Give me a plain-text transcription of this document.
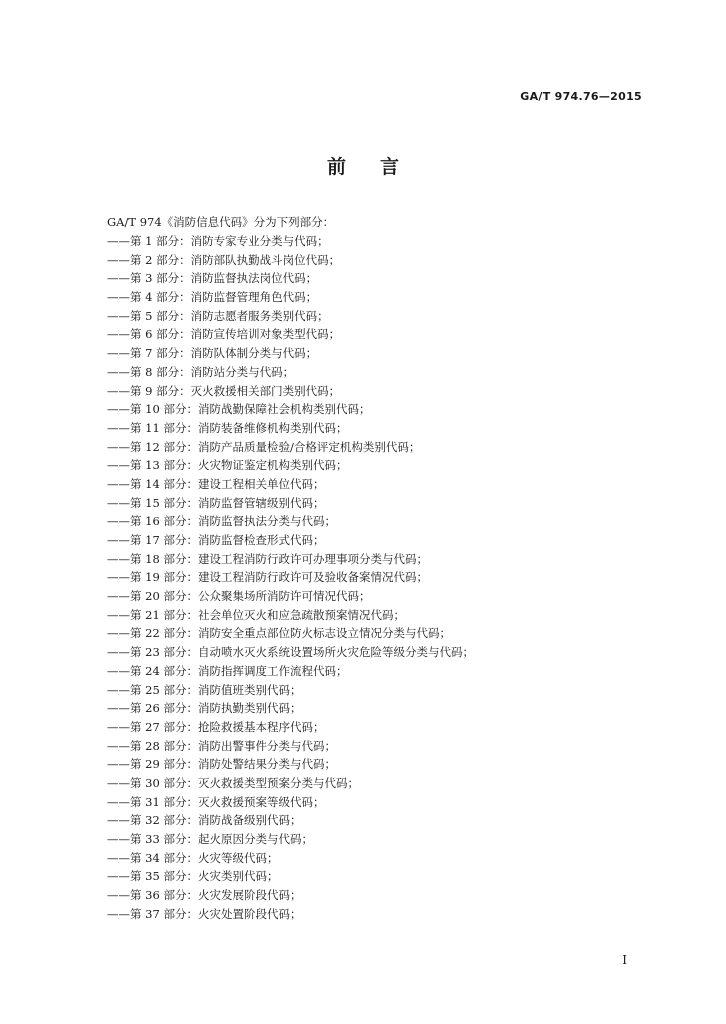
GA/T 974.76—2015
前言
GA/T 974《消防信息代码》分为下列部分：
——第 1 部分：消防专家专业分类与代码；
——第 2 部分：消防部队执勤战斗岗位代码；
——第 3 部分：消防监督执法岗位代码；
——第 4 部分：消防监督管理角色代码；
——第 5 部分：消防志愿者服务类别代码；
——第 6 部分：消防宣传培训对象类型代码；
——第 7 部分：消防队体制分类与代码；
——第 8 部分：消防站分类与代码；
——第 9 部分：灭火救援相关部门类别代码；
——第 10 部分：消防战勤保障社会机构类别代码；
——第 11 部分：消防装备维修机构类别代码；
——第 12 部分：消防产品质量检验/合格评定机构类别代码；
——第 13 部分：火灾物证鉴定机构类别代码；
——第 14 部分：建设工程相关单位代码；
——第 15 部分：消防监督管辖级别代码；
——第 16 部分：消防监督执法分类与代码；
——第 17 部分：消防监督检查形式代码；
——第 18 部分：建设工程消防行政许可办理事项分类与代码；
——第 19 部分：建设工程消防行政许可及验收备案情况代码；
——第 20 部分：公众聚集场所消防许可情况代码；
——第 21 部分：社会单位灭火和应急疏散预案情况代码；
——第 22 部分：消防安全重点部位防火标志设立情况分类与代码；
——第 23 部分：自动喷水灭火系统设置场所火灾危险等级分类与代码；
——第 24 部分：消防指挥调度工作流程代码；
——第 25 部分：消防值班类别代码；
——第 26 部分：消防执勤类别代码；
——第 27 部分：抢险救援基本程序代码；
——第 28 部分：消防出警事件分类与代码；
——第 29 部分：消防处警结果分类与代码；
——第 30 部分：灭火救援类型预案分类与代码；
——第 31 部分：灭火救援预案等级代码；
——第 32 部分：消防战备级别代码；
——第 33 部分：起火原因分类与代码；
——第 34 部分：火灾等级代码；
——第 35 部分：火灾类别代码；
——第 36 部分：火灾发展阶段代码；
——第 37 部分：火灾处置阶段代码；
I
